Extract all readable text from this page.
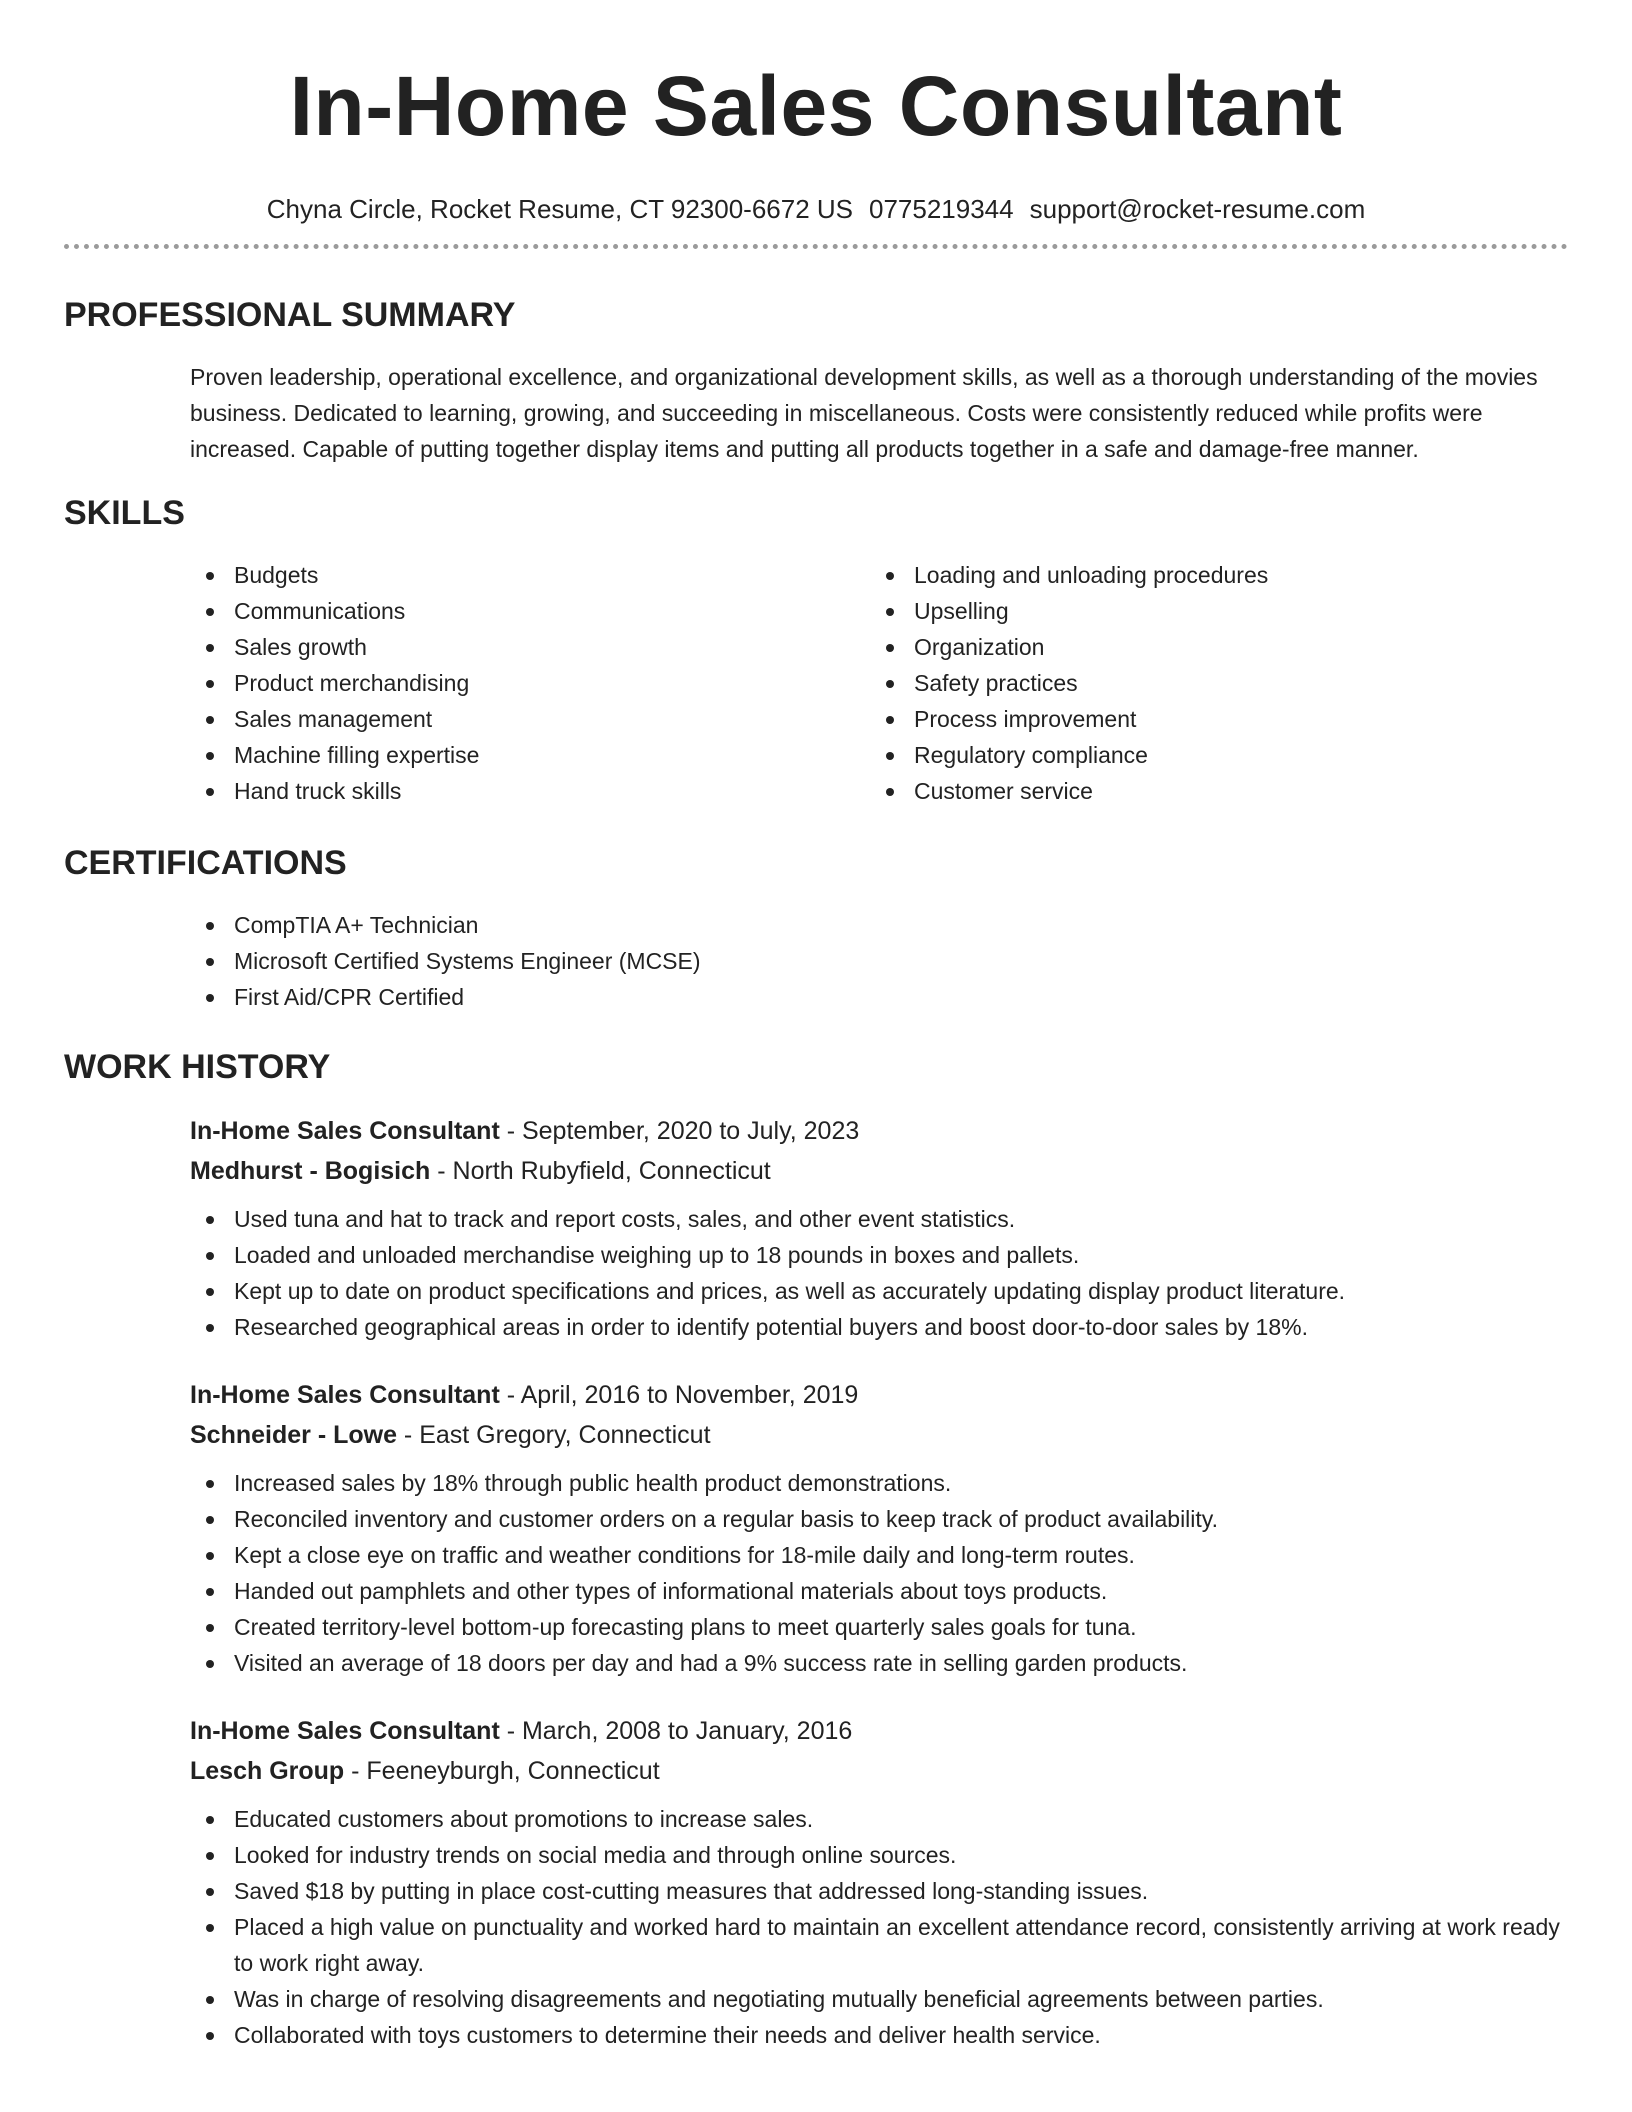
In-Home Sales Consultant
Chyna Circle, Rocket Resume, CT 92300-6672 US 0775219344 support@rocket-resume.com
PROFESSIONAL SUMMARY

Proven leadership, operational excellence, and organizational development skills, as well as a thorough understanding of the movies business. Dedicated to learning, growing, and succeeding in miscellaneous. Costs were consistently reduced while profits were increased. Capable of putting together display items and putting all products together in a safe and damage-free manner.

SKILLS
Budgets
Communications
Sales growth
Product merchandising
Sales management
Machine filling expertise
Hand truck skills
Loading and unloading procedures
Upselling
Organization
Safety practices
Process improvement
Regulatory compliance
Customer service
CERTIFICATIONS
CompTIA A+ Technician
Microsoft Certified Systems Engineer (MCSE)
First Aid/CPR Certified
WORK HISTORY
In-Home Sales Consultant - September, 2020 to July, 2023
Medhurst - Bogisich - North Rubyfield, Connecticut
Used tuna and hat to track and report costs, sales, and other event statistics.
Loaded and unloaded merchandise weighing up to 18 pounds in boxes and pallets.
Kept up to date on product specifications and prices, as well as accurately updating display product literature.
Researched geographical areas in order to identify potential buyers and boost door-to-door sales by 18%.
In-Home Sales Consultant - April, 2016 to November, 2019
Schneider - Lowe - East Gregory, Connecticut
Increased sales by 18% through public health product demonstrations.
Reconciled inventory and customer orders on a regular basis to keep track of product availability.
Kept a close eye on traffic and weather conditions for 18-mile daily and long-term routes.
Handed out pamphlets and other types of informational materials about toys products.
Created territory-level bottom-up forecasting plans to meet quarterly sales goals for tuna.
Visited an average of 18 doors per day and had a 9% success rate in selling garden products.
In-Home Sales Consultant - March, 2008 to January, 2016
Lesch Group - Feeneyburgh, Connecticut
Educated customers about promotions to increase sales.
Looked for industry trends on social media and through online sources.
Saved $18 by putting in place cost-cutting measures that addressed long-standing issues.
Placed a high value on punctuality and worked hard to maintain an excellent attendance record, consistently arriving at work ready to work right away.
Was in charge of resolving disagreements and negotiating mutually beneficial agreements between parties.
Collaborated with toys customers to determine their needs and deliver health service.
